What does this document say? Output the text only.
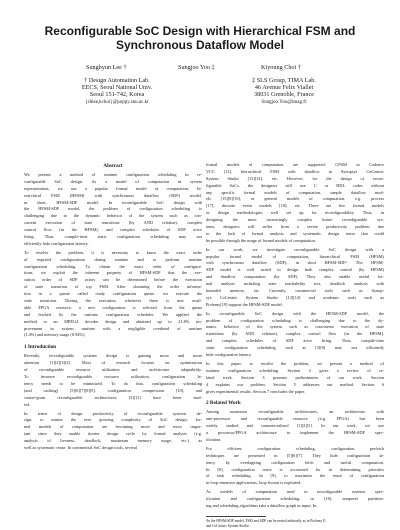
Reconfigurable SoC Design with Hierarchical FSM and
Synchronous Dataflow Model
Sunghyun Lee †	Sungjoo Yoo ‡	Kiyoung Choi †
† Design Automation Lab.
EECS, Seoul National Univ.
Seoul 151-742, Korea
{shlee,kchoi}@poppy.snu.ac.kr
‡ SLS Group, TIMA Lab.
46 Avenue Felix Viallet
38031 Grenoble, France
Sungjoo.Yoo@imag.fr
Abstract
We present a method of runtime configuration scheduling in re-
configurable SoC design. As a model of computation in system
representation, we use a popular formal model of computation, hi-
erarchical FSM (HFSM) with synchronous dataflow (SDF) model,
in short, HFSM-SDF model. In reconfigurable SoC design with
the HFSM-SDF model, the problem of configuration scheduling is
challenging due to the dynamic behavior of the system such as con-
current execution of state transitions (by AND relation), complex
control flow (in the HFSM), and complex schedules of SDF actor
firing. Thus, compile-time static configuration scheduling may not
efficiently hide configuration latency.
To resolve the problem, it is necessary to know the exact order
of required configurations during runtime and to perform runtime
configuration scheduling. To obtain the exact order of configura-
tions, we exploit the inherent property of HFSM-SDF that the exe-
cution order of SDF actors can be determined before the execution
of state transition of top FSM. After obtaining the order informa-
tion in a queue called ready configuration queue, we execute the
state transition. During the execution, whenever there is new avail-
able FPGA resource, a new configuration is selected from the queue
and fetched by the runtime configuration scheduler. We applied the
method to an MPEG4 decoder design and obtained up to 21.8% im-
provement in system runtime with a negligible overhead of runtime
(1.4%) and memory usage (0.94%).
1 Introduction
Recently, reconfigurable systems design is gaining more and more
attention [1][2][3][4]. Most of research focuses on optimization
of reconfigurable resource utilization and architecture adaptability.
To increase reconfigurable resource utilization, configuration la-
tency needs to be minimized. To do that, configuration scheduling
(and caching) [5][6][7][8][9], configuration compression [10], and
coarse-grain reconfigurable architectures [3][11] have been stud-
ied.
In terms of design productivity of reconfigurable systems de-
sign, to master the ever growing complexity of SoC design, for-
mal models of computation are becoming more and more impor-
tant since they enable shorter design cycle by formal analysis (e.g.
analysis of liveness, deadlock, maximum memory usage, etc.) as
well as systematic reuse. In commercial SoC design tools, several
formal models of computation are supported: CFSM in Cadence
VCC [12], hierarchical FSM with dataflow in Synopsys CoCentric
System Studio [13][14], etc. However, for the design of recon-
figurable SoCs, the designers still use C or HDL codes without
any specific formal models of computation, simple dataflow mod-
els [15][8][16], or general models of computation, e.g. process
[17], discrete event models [18], etc. There are few formal models
or design methodologies well set up for reconfigurability. Thus, in
designing the more increasingly complex future reconfigurable sys-
tems, designers will suffer from a severe productivity problem due
to the lack of formal analysis and systematic design reuse that could
be possible through the usage of formal models of computation.
In our work, we investigate reconfigurable SoC design with a
popular formal model of computation, hierarchical FSM (HFSM)
with synchronous dataflow (SDF), in short HFSM-SDF.¹ The HFSM-
SDF model is well suited to design both complex control (by HFSM)
and dataflow computation (by SDF). They also enable useful for-
mal analysis including state reachability test, deadlock analysis with
bounded memory, etc. Currently, commercial tools such as Synop-
sys CoCentric System Studio [13][14] and academic tools such as
Ptolemy[19] support the HFSM-SDF model.
In reconfigurable SoC design with the HFSM-SDF model, the
problem of configuration scheduling is challenging due to the dy-
namic behavior of the system such as concurrent execution of state
transitions (by AND relation), complex control flow (in the HFSM),
and complex schedules of SDF actor firing. Thus, compile-time
static configuration scheduling such as [5][6] may not efficiently
hide configuration latency.
In this paper, to resolve the problem, we present a method of
runtime configuration scheduling. Section 2 gives a review of re-
lated work. Section 3 presents preliminaries of our work. Section
4 explains our problem. Section 5 addresses our method. Section 6
gives experimental results. Section 7 concludes the paper.
2 Related Work
Among numerous reconfigurable architectures, an architecture with
one-processor and reconfigurable resource (e.g. FPGA) has been
widely studied and commercialized [1][2][3]. In our work, we use
a processor/FPGA architecture to implement the HFSM-SDF spec-
ification.
For efficient configuration scheduling, configuration prefetch
techniques are presented in [5][6][7]. They hide configuration la-
tency by overlapping configuration fetch and useful computation.
In [8], configuration reuse is accounted for in determining priorities
of task scheduling. In [9], to maximize the reuse of configuration
in loop-intensive applications, loop fission is exploited.
As models of computation used in reconfigurable systems spec-
ification and configuration scheduling, in [16], temporal partition-
ing and scheduling algorithms take a dataflow graph as input. In
¹In the HFSM-SDF model, FSM and SDF can be nested arbitrarily as in Ptolemy II
and CoCentric System Studio.
